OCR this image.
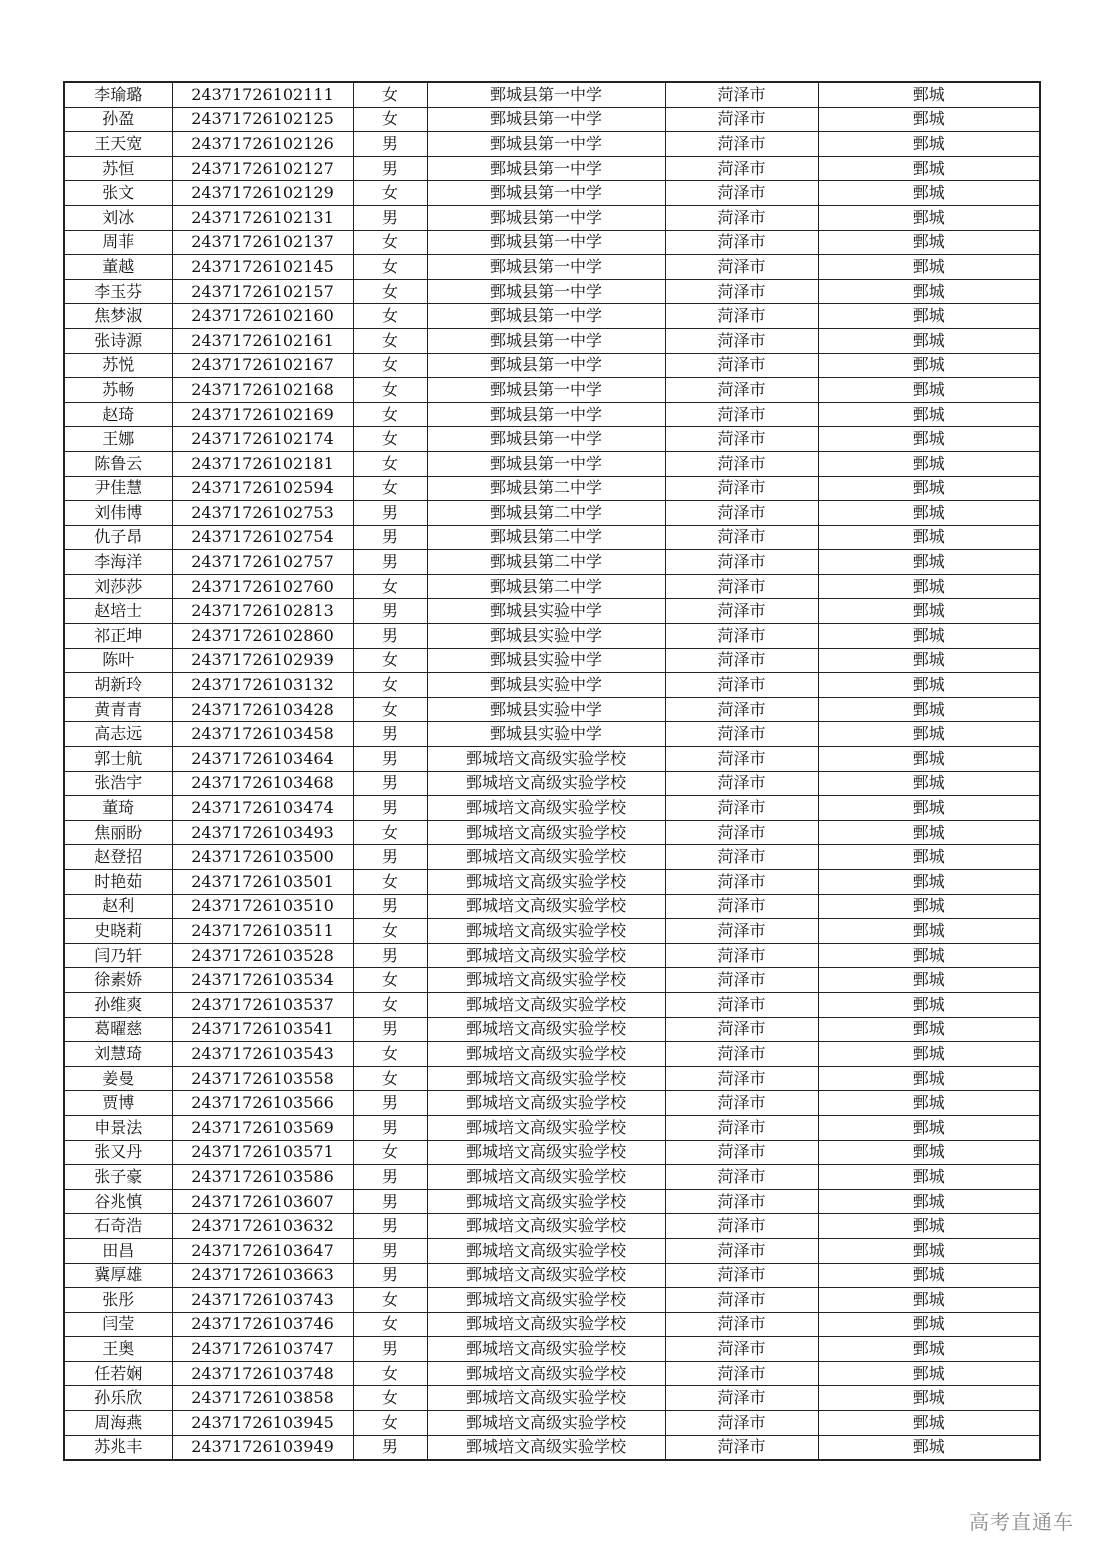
李瑜璐	24371726102111	女	鄄城县第一中学	菏泽市	鄄城
孙盈	24371726102125	女	鄄城县第一中学	菏泽市	鄄城
王天宽	24371726102126	男	鄄城县第一中学	菏泽市	鄄城
苏恒	24371726102127	男	鄄城县第一中学	菏泽市	鄄城
张文	24371726102129	女	鄄城县第一中学	菏泽市	鄄城
刘冰	24371726102131	男	鄄城县第一中学	菏泽市	鄄城
周菲	24371726102137	女	鄄城县第一中学	菏泽市	鄄城
董越	24371726102145	女	鄄城县第一中学	菏泽市	鄄城
李玉芬	24371726102157	女	鄄城县第一中学	菏泽市	鄄城
焦梦淑	24371726102160	女	鄄城县第一中学	菏泽市	鄄城
张诗源	24371726102161	女	鄄城县第一中学	菏泽市	鄄城
苏悦	24371726102167	女	鄄城县第一中学	菏泽市	鄄城
苏畅	24371726102168	女	鄄城县第一中学	菏泽市	鄄城
赵琦	24371726102169	女	鄄城县第一中学	菏泽市	鄄城
王娜	24371726102174	女	鄄城县第一中学	菏泽市	鄄城
陈鲁云	24371726102181	女	鄄城县第一中学	菏泽市	鄄城
尹佳慧	24371726102594	女	鄄城县第二中学	菏泽市	鄄城
刘伟博	24371726102753	男	鄄城县第二中学	菏泽市	鄄城
仇子昂	24371726102754	男	鄄城县第二中学	菏泽市	鄄城
李海洋	24371726102757	男	鄄城县第二中学	菏泽市	鄄城
刘莎莎	24371726102760	女	鄄城县第二中学	菏泽市	鄄城
赵培士	24371726102813	男	鄄城县实验中学	菏泽市	鄄城
祁正坤	24371726102860	男	鄄城县实验中学	菏泽市	鄄城
陈叶	24371726102939	女	鄄城县实验中学	菏泽市	鄄城
胡新玲	24371726103132	女	鄄城县实验中学	菏泽市	鄄城
黄青青	24371726103428	女	鄄城县实验中学	菏泽市	鄄城
高志远	24371726103458	男	鄄城县实验中学	菏泽市	鄄城
郭士航	24371726103464	男	鄄城培文高级实验学校	菏泽市	鄄城
张浩宇	24371726103468	男	鄄城培文高级实验学校	菏泽市	鄄城
董琦	24371726103474	男	鄄城培文高级实验学校	菏泽市	鄄城
焦丽盼	24371726103493	女	鄄城培文高级实验学校	菏泽市	鄄城
赵登招	24371726103500	男	鄄城培文高级实验学校	菏泽市	鄄城
时艳茹	24371726103501	女	鄄城培文高级实验学校	菏泽市	鄄城
赵利	24371726103510	男	鄄城培文高级实验学校	菏泽市	鄄城
史晓莉	24371726103511	女	鄄城培文高级实验学校	菏泽市	鄄城
闫乃轩	24371726103528	男	鄄城培文高级实验学校	菏泽市	鄄城
徐素娇	24371726103534	女	鄄城培文高级实验学校	菏泽市	鄄城
孙维爽	24371726103537	女	鄄城培文高级实验学校	菏泽市	鄄城
葛曜慈	24371726103541	男	鄄城培文高级实验学校	菏泽市	鄄城
刘慧琦	24371726103543	女	鄄城培文高级实验学校	菏泽市	鄄城
姜曼	24371726103558	女	鄄城培文高级实验学校	菏泽市	鄄城
贾博	24371726103566	男	鄄城培文高级实验学校	菏泽市	鄄城
申景法	24371726103569	男	鄄城培文高级实验学校	菏泽市	鄄城
张又丹	24371726103571	女	鄄城培文高级实验学校	菏泽市	鄄城
张子豪	24371726103586	男	鄄城培文高级实验学校	菏泽市	鄄城
谷兆慎	24371726103607	男	鄄城培文高级实验学校	菏泽市	鄄城
石奇浩	24371726103632	男	鄄城培文高级实验学校	菏泽市	鄄城
田昌	24371726103647	男	鄄城培文高级实验学校	菏泽市	鄄城
冀厚雄	24371726103663	男	鄄城培文高级实验学校	菏泽市	鄄城
张彤	24371726103743	女	鄄城培文高级实验学校	菏泽市	鄄城
闫莹	24371726103746	女	鄄城培文高级实验学校	菏泽市	鄄城
王奥	24371726103747	男	鄄城培文高级实验学校	菏泽市	鄄城
任若娴	24371726103748	女	鄄城培文高级实验学校	菏泽市	鄄城
孙乐欣	24371726103858	女	鄄城培文高级实验学校	菏泽市	鄄城
周海燕	24371726103945	女	鄄城培文高级实验学校	菏泽市	鄄城
苏兆丰	24371726103949	男	鄄城培文高级实验学校	菏泽市	鄄城
高考直通车
